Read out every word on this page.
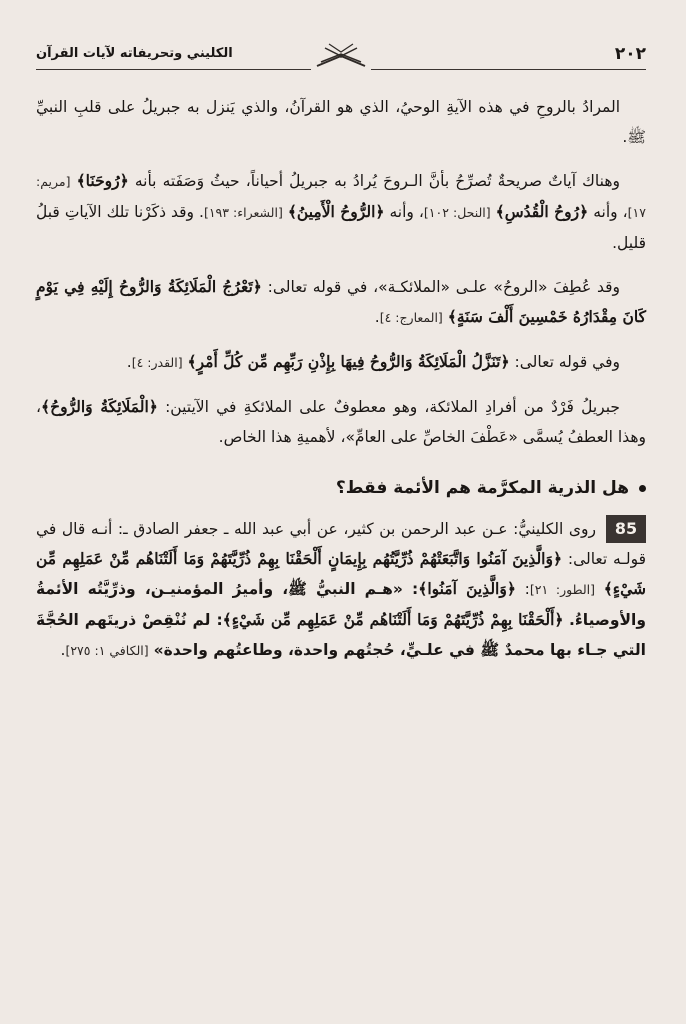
٢٠٢
الكليني وتحريفاته لآيات القرآن

المرادُ بالروحِ في هذه الآيةِ الوحيُ، الذي هو القرآنُ، والذي يَنزل به جبريلُ على قلبِ النبيِّ ﷺ.

وهناك آياتٌ صريحةٌ تُصرِّحُ بأنَّ الـروحَ يُرادُ به جبريلُ أحياناً، حيثُ وَصَفَته بأنه ﴿رُوحَنَا﴾ [مريم: ١٧]، وأنه ﴿رُوحُ الْقُدُسِ﴾ [النحل: ١٠٢]، وأنه ﴿الرُّوحُ الْأَمِينُ﴾ [الشعراء: ١٩٣]. وقد ذكَرْنا تلك الآياتِ قبلُ قليل.

وقد عُطِفَ «الروحُ» علـى «الملائكـة»، في قوله تعالى: ﴿تَعْرُجُ الْمَلَائِكَةُ وَالرُّوحُ إِلَيْهِ فِي يَوْمٍ كَانَ مِقْدَارُهُ خَمْسِينَ أَلْفَ سَنَةٍ﴾ [المعارج: ٤].

وفي قوله تعالى: ﴿تَنَزَّلُ الْمَلَائِكَةُ وَالرُّوحُ فِيهَا بِإِذْنِ رَبِّهِم مِّن كُلِّ أَمْرٍ﴾ [القدر: ٤].

جبريلُ فَرْدٌ من أفرادِ الملائكة، وهو معطوفٌ على الملائكةِ في الآيتين: ﴿الْمَلَائِكَةُ وَالرُّوحُ﴾، وهذا العطفُ يُسمَّى «عَطْفَ الخاصِّ على العامِّ»، لأهميةِ هذا الخاص.

هل الذرية المكرَّمة هم الأئمة فقط؟

85
روى الكلينيُّ: عـن عبد الرحمن بن كثير، عن أبي عبد الله ـ جعفر الصادق ـ: أنـه قال في قولـه تعالى: ﴿وَالَّذِينَ آمَنُوا وَاتَّبَعَتْهُمْ ذُرِّيَّتُهُم بِإِيمَانٍ أَلْحَقْنَا بِهِمْ ذُرِّيَّتَهُمْ وَمَا أَلَتْنَاهُم مِّنْ عَمَلِهِم مِّن شَيْءٍ﴾ [الطور: ٢١]: ﴿وَالَّذِينَ آمَنُوا﴾: «هـم النبيُّ ﷺ، وأميرُ المؤمنيـن، وذرِّيَّتُه الأئمةُ والأوصياءُ. ﴿أَلْحَقْنَا بِهِمْ ذُرِّيَّتَهُمْ وَمَا أَلَتْنَاهُم مِّنْ عَمَلِهِم مِّن شَيْءٍ﴾: لم نُنْقِصْ ذريتَهم الحُجَّةَ التي جـاء بها محمدٌ ﷺ في علـيٍّ، حُجتُهم واحدة، وطاعتُهم واحدة» [الكافي ١: ٢٧٥].
